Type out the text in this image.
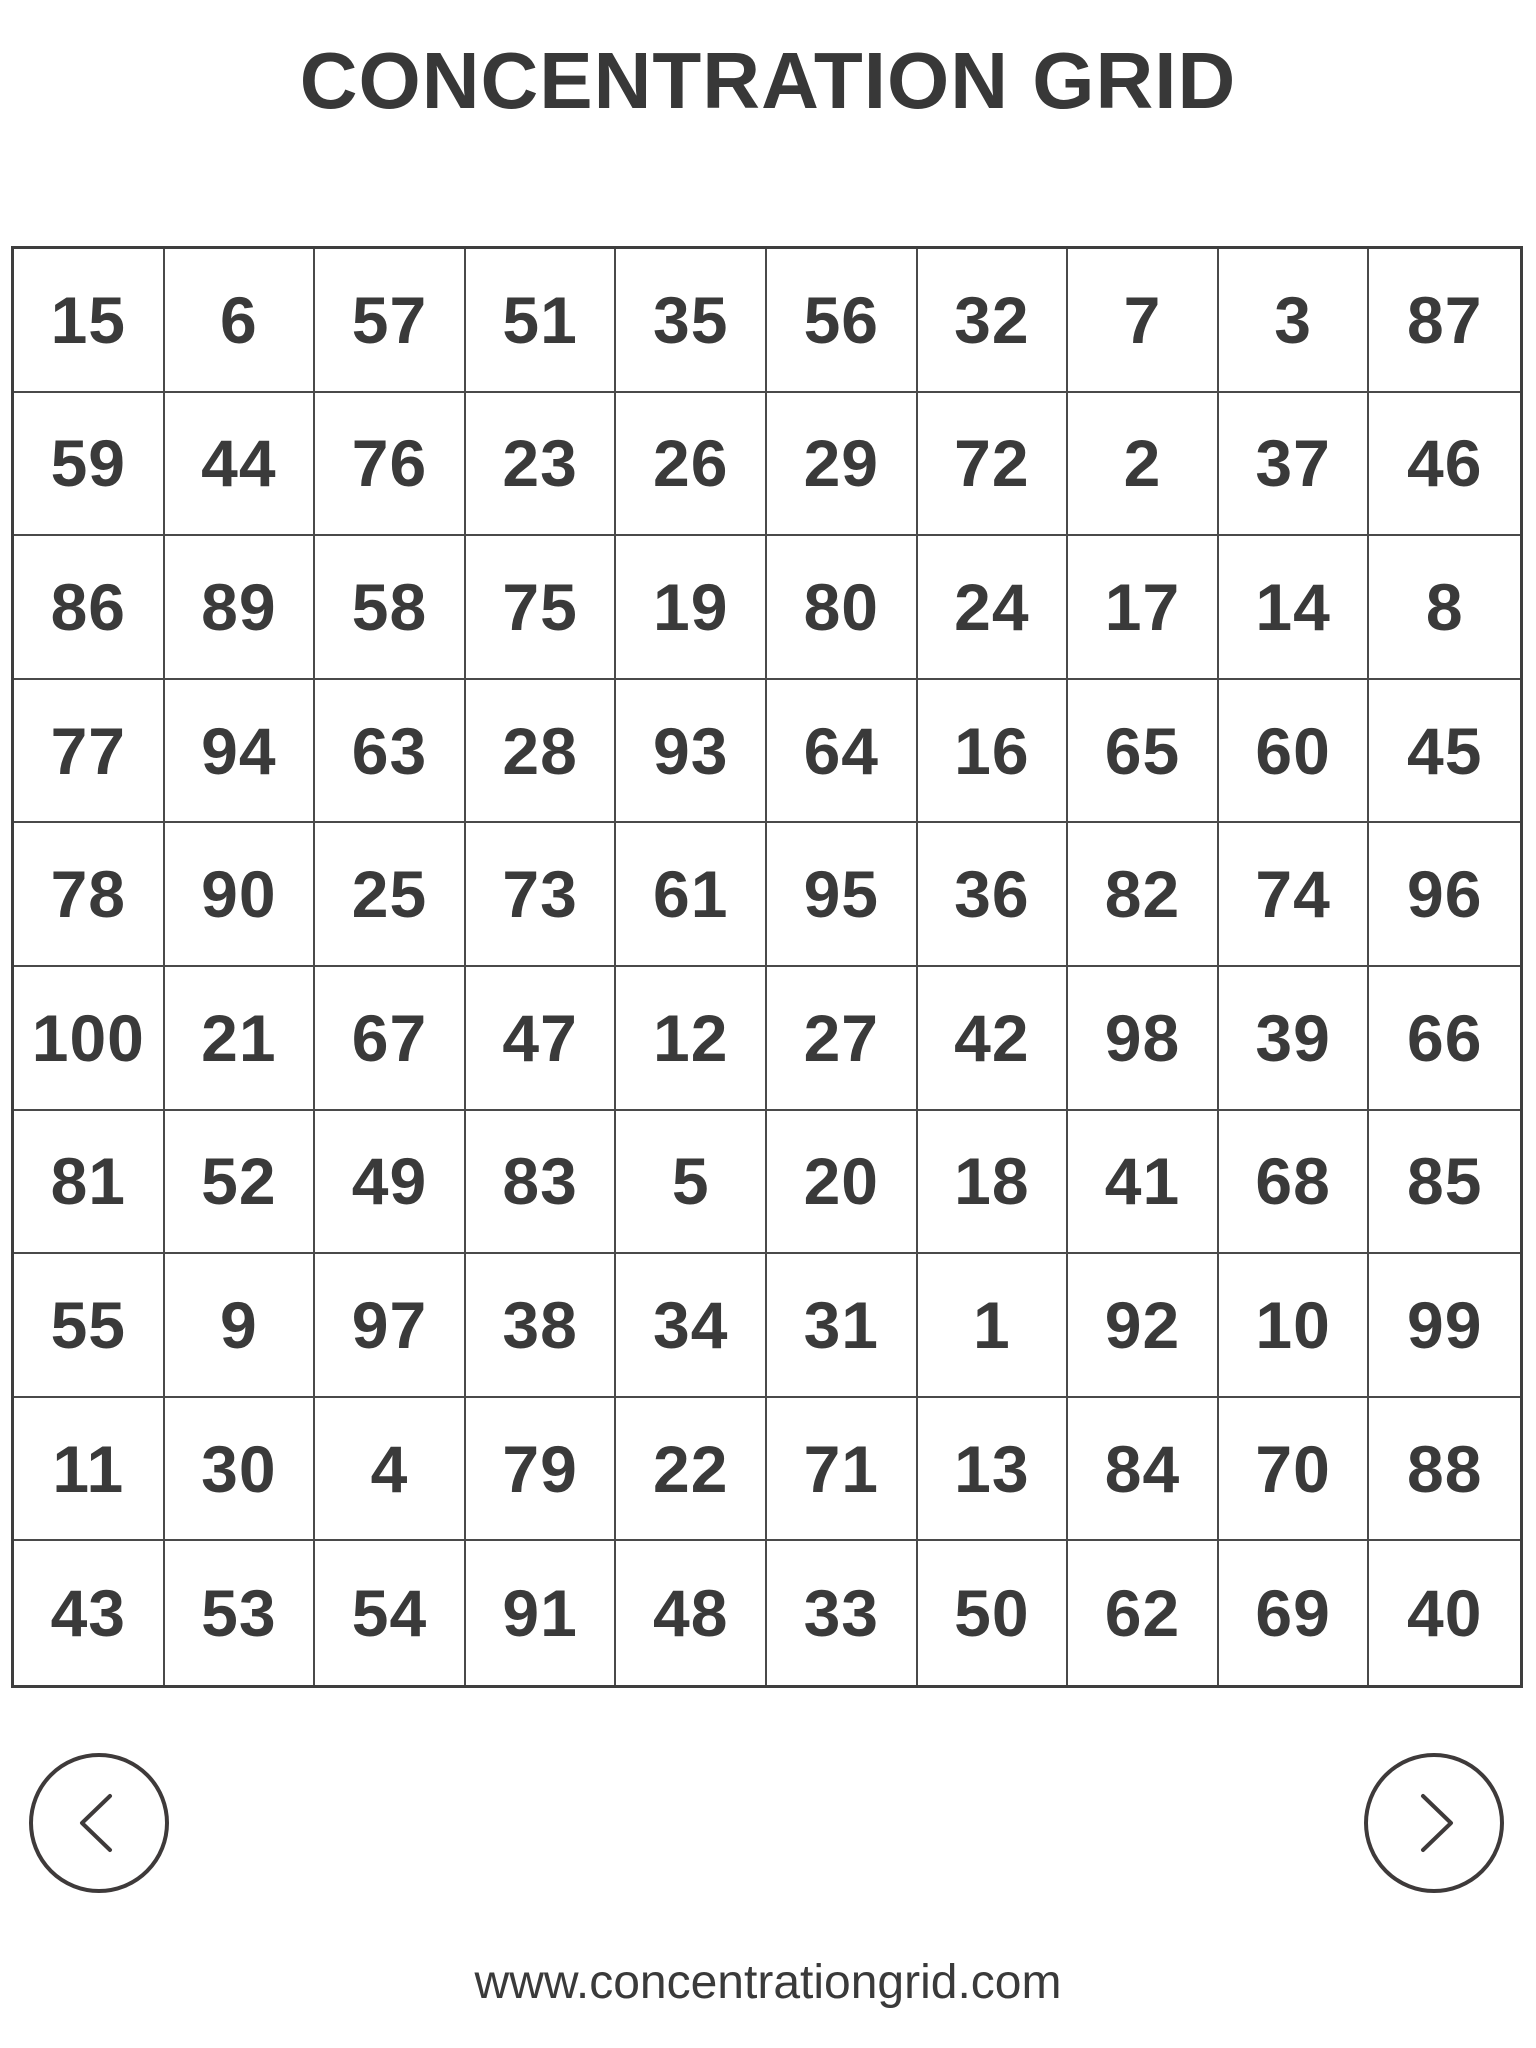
CONCENTRATION GRID
15	6	57	51	35	56	32	7	3	87
59	44	76	23	26	29	72	2	37	46
86	89	58	75	19	80	24	17	14	8
77	94	63	28	93	64	16	65	60	45
78	90	25	73	61	95	36	82	74	96
100 21	67	47	12	27	42	98	39	66
81	52	49	83	5	20	18	41	68	85
55	9	97	38	34	31	1	92	10	99
11	30	4	79	22	71	13	84	70	88
43	53	54	91	48	33	50	62	69	40
www.concentrationgrid.com
